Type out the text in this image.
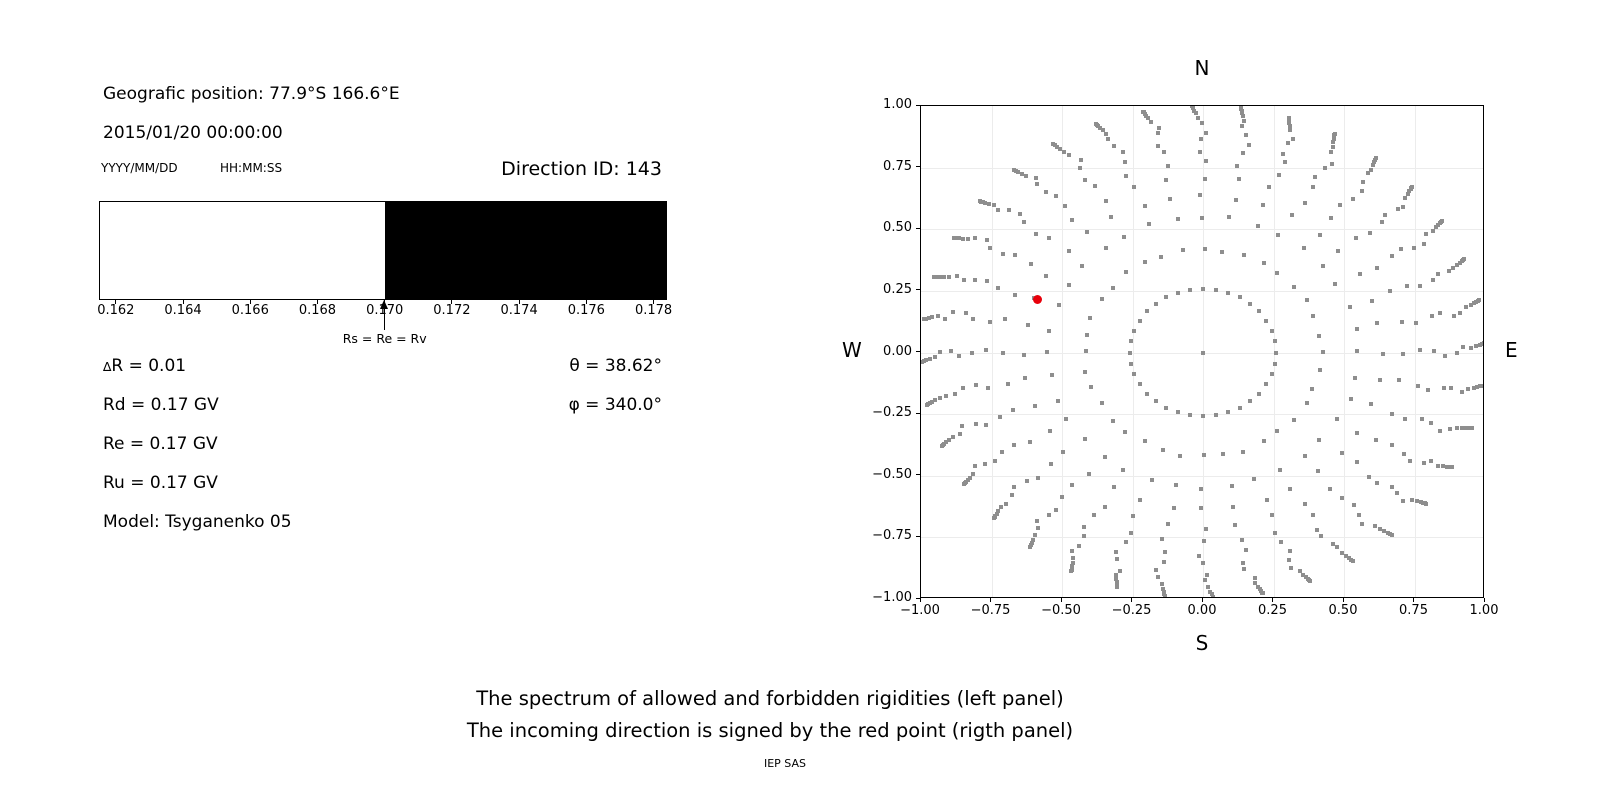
Geografic position: 77.9°S 166.6°E
2015/01/20 00:00:00
YYYY/MM/DD	HH:MM:SS	Direction ID: 143
Rs = Re = Rv
∆R = 0.01	θ = 38.62°
Rd = 0.17 GV	φ = 340.0°
Re = 0.17 GV
Ru = 0.17 GV
Model: Tsyganenko 05
N
S
W	E
The spectrum of allowed and forbidden rigidities (left panel)
The incoming direction is signed by the red point (rigth panel)
IEP SAS
0.162 0.164 0.166 0.168 0.170 0.172 0.174 0.176 0.178
−1.00 −0.75 −0.50 −0.25	0.00	0.25	0.50	0.75	1.00
1.00
0.75
0.50
0.25
0.00
−0.25
−0.50
−0.75
−1.00
